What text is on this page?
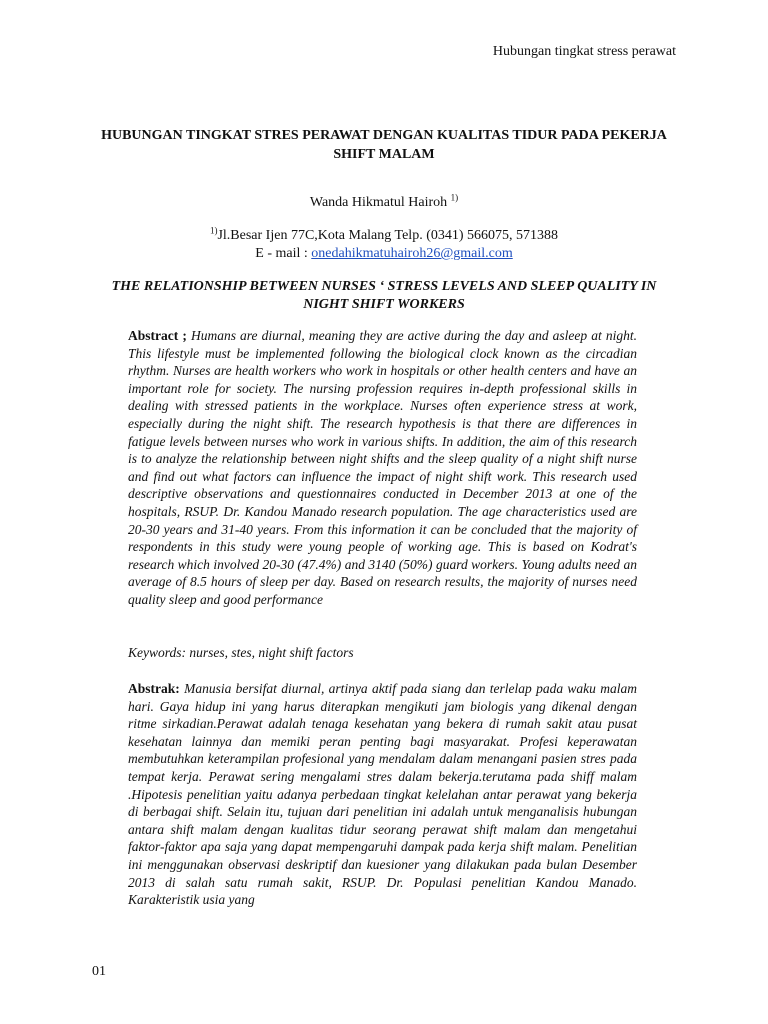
Hubungan tingkat stress perawat
HUBUNGAN TINGKAT STRES PERAWAT DENGAN KUALITAS TIDUR PADA PEKERJA SHIFT MALAM
Wanda Hikmatul Hairoh $^{1)}$
$^{1)}$Jl.Besar Ijen 77C,Kota Malang Telp. (0341) 566075, 571388
E - mail : onedahikmatuhairoh26@gmail.com
THE RELATIONSHIP BETWEEN NURSES ‘ STRESS LEVELS AND SLEEP QUALITY IN NIGHT SHIFT WORKERS
Abstract ; Humans are diurnal, meaning they are active during the day and asleep at night. This lifestyle must be implemented following the biological clock known as the circadian rhythm. Nurses are health workers who work in hospitals or other health centers and have an important role for society. The nursing profession requires in-depth professional skills in dealing with stressed patients in the workplace. Nurses often experience stress at work, especially during the night shift. The research hypothesis is that there are differences in fatigue levels between nurses who work in various shifts. In addition, the aim of this research is to analyze the relationship between night shifts and the sleep quality of a night shift nurse and find out what factors can influence the impact of night shift work. This research used descriptive observations and questionnaires conducted in December 2013 at one of the hospitals, RSUP. Dr. Kandou Manado research population. The age characteristics used are 20-30 years and 31-40 years. From this information it can be concluded that the majority of respondents in this study were young people of working age. This is based on Kodrat's research which involved 20-30 (47.4%) and 3140 (50%) guard workers. Young adults need an average of 8.5 hours of sleep per day. Based on research results, the majority of nurses need quality sleep and good performance
Keywords: nurses, stes, night shift factors
Abstrak: Manusia bersifat diurnal, artinya aktif pada siang dan terlelap pada waku malam hari. Gaya hidup ini yang harus diterapkan mengikuti jam biologis yang dikenal dengan ritme sirkadian.Perawat adalah tenaga kesehatan yang bekera di rumah sakit atau pusat kesehatan lainnya dan memiki peran penting bagi masyarakat. Profesi keperawatan membutuhkan keterampilan profesional yang mendalam dalam menangani pasien stres pada tempat kerja. Perawat sering mengalami stres dalam bekerja.terutama pada shiff malam .Hipotesis penelitian yaitu adanya perbedaan tingkat kelelahan antar perawat yang bekerja di berbagai shift. Selain itu, tujuan dari penelitian ini adalah untuk menganalisis hubungan antara shift malam dengan kualitas tidur seorang perawat shift malam dan mengetahui faktor-faktor apa saja yang dapat mempengaruhi dampak pada kerja shift malam. Penelitian ini menggunakan observasi deskriptif dan kuesioner yang dilakukan pada bulan Desember 2013 di salah satu rumah sakit, RSUP. Dr. Populasi penelitian Kandou Manado. Karakteristik usia yang
01
